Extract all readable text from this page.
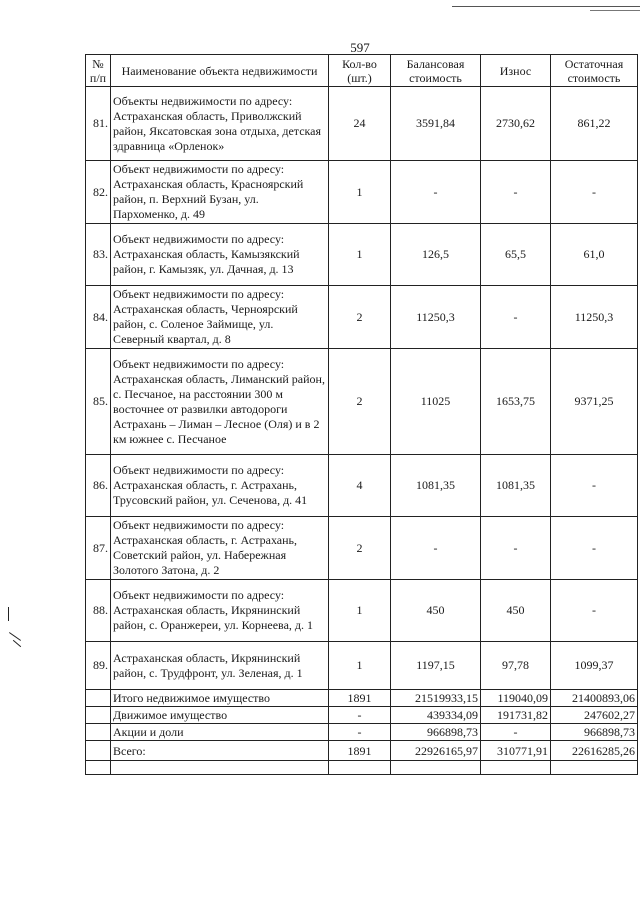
597
№ п/п	Наименование объекта недвижимости	Кол-во (шт.)	Балансовая стоимость	Износ	Остаточная стоимость
81.	Объекты недвижимости по адресу: Астраханская область, Приволжский район, Яксатовская зона отдыха, детская здравница «Орленок»	24	3591,84	2730,62	861,22
82.	Объект недвижимости по адресу: Астраханская область, Красноярский район, п. Верхний Бузан, ул. Пархоменко, д. 49	1	-	-	-
83.	Объект недвижимости по адресу: Астраханская область, Камызякский район, г. Камызяк, ул. Дачная, д. 13	1	126,5	65,5	61,0
84.	Объект недвижимости по адресу: Астраханская область, Черноярский район, с. Соленое Займище, ул. Северный квартал, д. 8	2	11250,3	-	11250,3
85.	Объект недвижимости по адресу: Астраханская область, Лиманский район, с. Песчаное, на расстоянии 300 м восточнее от развилки автодороги Астрахань – Лиман – Лесное (Оля) и в 2 км южнее с. Песчаное	2	11025	1653,75	9371,25
86.	Объект недвижимости по адресу: Астраханская область, г. Астрахань, Трусовский район, ул. Сеченова, д. 41	4	1081,35	1081,35	-
87.	Объект недвижимости по адресу: Астраханская область, г. Астрахань, Советский район, ул. Набережная Золотого Затона, д. 2	2	-	-	-
88.	Объект недвижимости по адресу: Астраханская область, Икрянинский район, с. Оранжереи, ул. Корнеева, д. 1	1	450	450	-
89.	Астраханская область, Икрянинский район, с. Трудфронт, ул. Зеленая, д. 1	1	1197,15	97,78	1099,37
	Итого недвижимое имущество	1891	21519933,15	119040,09	21400893,06
	Движимое имущество	-	439334,09	191731,82	247602,27
	Акции и доли	-	966898,73	-	966898,73
	Всего:	1891	22926165,97	310771,91	22616285,26
